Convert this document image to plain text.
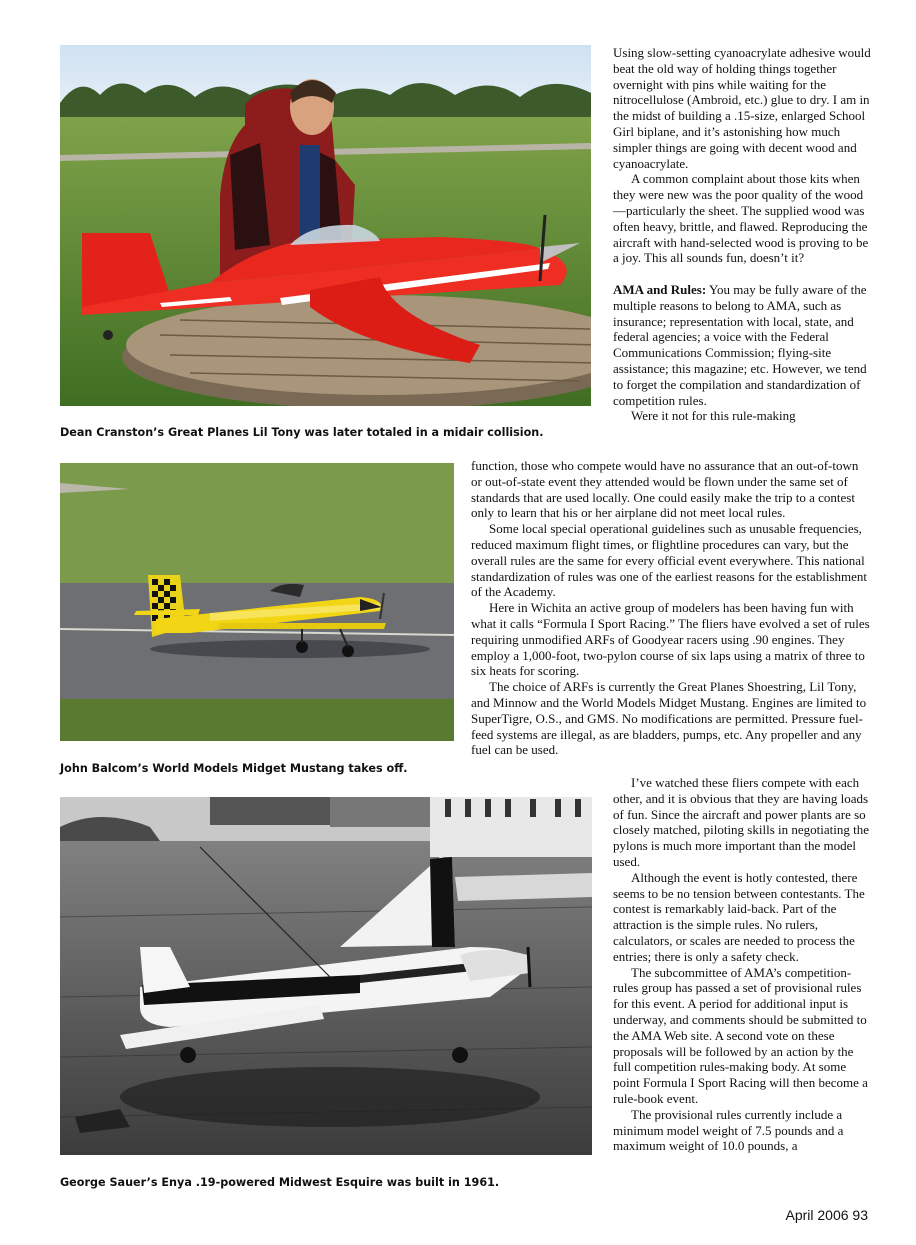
Dean Cranston’s Great Planes Lil Tony was later totaled in a midair collision.
John Balcom’s World Models Midget Mustang takes off.
George Sauer’s Enya .19-powered Midwest Esquire was built in 1961.

Using slow-setting cyanoacrylate adhesive would beat the old way of holding things together overnight with pins while waiting for the nitrocellulose (Ambroid, etc.) glue to dry. I am in the midst of building a .15-size, enlarged School Girl biplane, and it’s astonishing how much simpler things are going with decent wood and cyanoacrylate.

A common complaint about those kits when they were new was the poor quality of the wood—particularly the sheet. The supplied wood was often heavy, brittle, and flawed. Reproducing the aircraft with hand-selected wood is proving to be a joy. This all sounds fun, doesn’t it?

AMA and Rules: You may be fully aware of the multiple reasons to belong to AMA, such as insurance; representation with local, state, and federal agencies; a voice with the Federal Communications Commission; flying-site assistance; this magazine; etc. However, we tend to forget the compilation and standardization of competition rules.

Were it not for this rule-making

function, those who compete would have no assurance that an out-of-town or out-of-state event they attended would be flown under the same set of standards that are used locally. One could easily make the trip to a contest only to learn that his or her airplane did not meet local rules.

Some local special operational guidelines such as unusable frequencies, reduced maximum flight times, or flightline procedures can vary, but the overall rules are the same for every official event everywhere. This national standardization of rules was one of the earliest reasons for the establishment of the Academy.

Here in Wichita an active group of modelers has been having fun with what it calls “Formula I Sport Racing.” The fliers have evolved a set of rules requiring unmodified ARFs of Goodyear racers using .90 engines. They employ a 1,000-foot, two-pylon course of six laps using a matrix of three to six heats for scoring.

The choice of ARFs is currently the Great Planes Shoestring, Lil Tony, and Minnow and the World Models Midget Mustang. Engines are limited to SuperTigre, O.S., and GMS. No modifications are permitted. Pressure fuel-feed systems are illegal, as are bladders, pumps, etc. Any propeller and any fuel can be used.

I’ve watched these fliers compete with each other, and it is obvious that they are having loads of fun. Since the aircraft and power plants are so closely matched, piloting skills in negotiating the pylons is much more important than the model used.

Although the event is hotly contested, there seems to be no tension between contestants. The contest is remarkably laid-back. Part of the attraction is the simple rules. No rulers, calculators, or scales are needed to process the entries; there is only a safety check.

The subcommittee of AMA’s competition-rules group has passed a set of provisional rules for this event. A period for additional input is underway, and comments should be submitted to the AMA Web site. A second vote on these proposals will be followed by an action by the full competition rules-making body. At some point Formula I Sport Racing will then become a rule-book event.

The provisional rules currently include a minimum model weight of 7.5 pounds and a maximum weight of 10.0 pounds, a

April 2006 93
